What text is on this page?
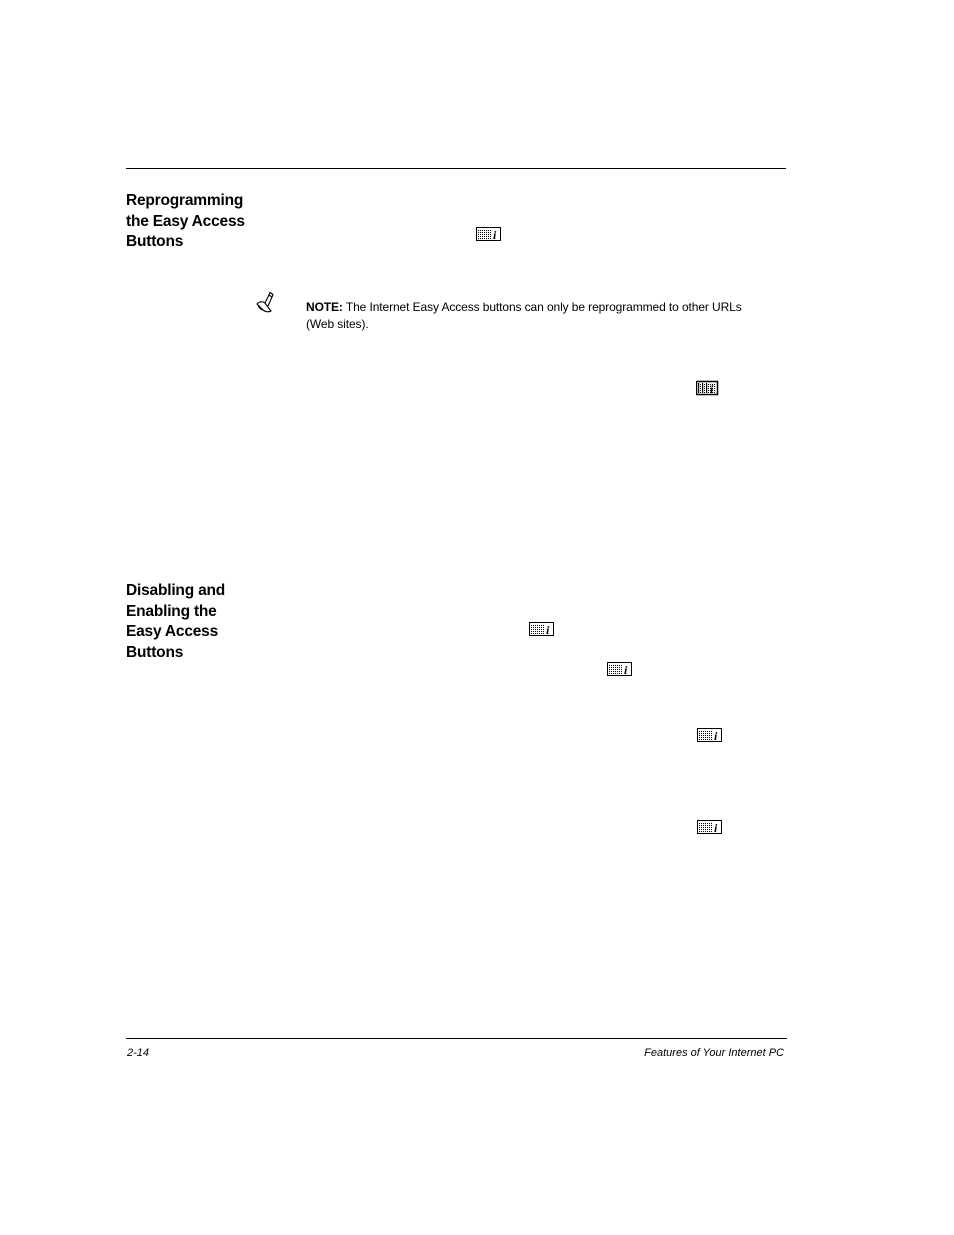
Reprogramming
the Easy Access
Buttons
NOTE: The Internet Easy Access buttons can only be reprogrammed to other URLs
(Web sites).
Disabling and
Enabling the
Easy Access
Buttons
2-14	Features of Your Internet PC
